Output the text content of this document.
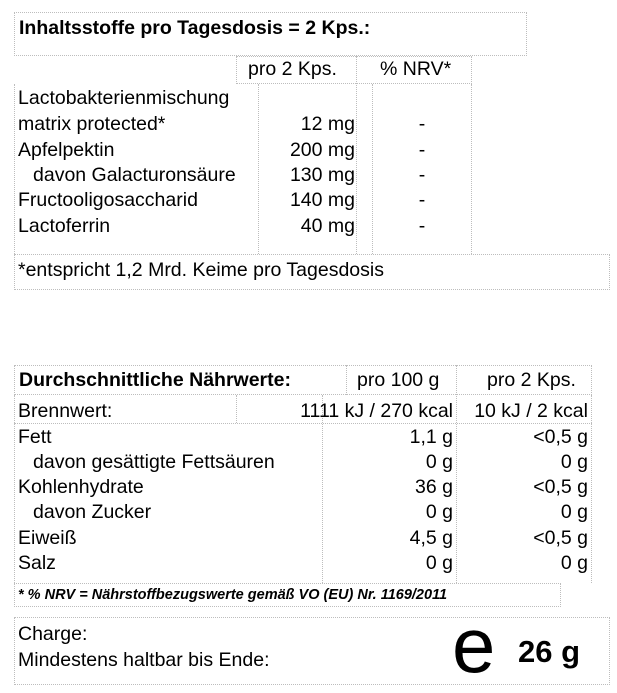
Inhaltsstoffe pro Tagesdosis = 2 Kps.:
pro 2 Kps. % NRV*
Lactobakterienmischung
matrix protected*	12 mg	-
Apfelpektin	200 mg	-
davon Galacturonsäure	130 mg	-
Fructooligosaccharid	140 mg	-
Lactoferrin	40 mg	-
*entspricht 1,2 Mrd. Keime pro Tagesdosis
Durchschnittliche Nährwerte:	pro 100 g pro 2 Kps.
Brennwert:	1111 kJ / 270 kcal	10 kJ / 2 kcal
Fett	1,1 g	<0,5 g
davon gesättigte Fettsäuren	0 g	0 g
Kohlenhydrate	36 g	<0,5 g
davon Zucker	0 g	0 g
Eiweiß	4,5 g	<0,5 g
Salz	0 g	0 g
* % NRV = Nährstoffbezugswerte gemäß VO (EU) Nr. 1169/2011
Charge:
Mindestens haltbar bis Ende: e 26 g
